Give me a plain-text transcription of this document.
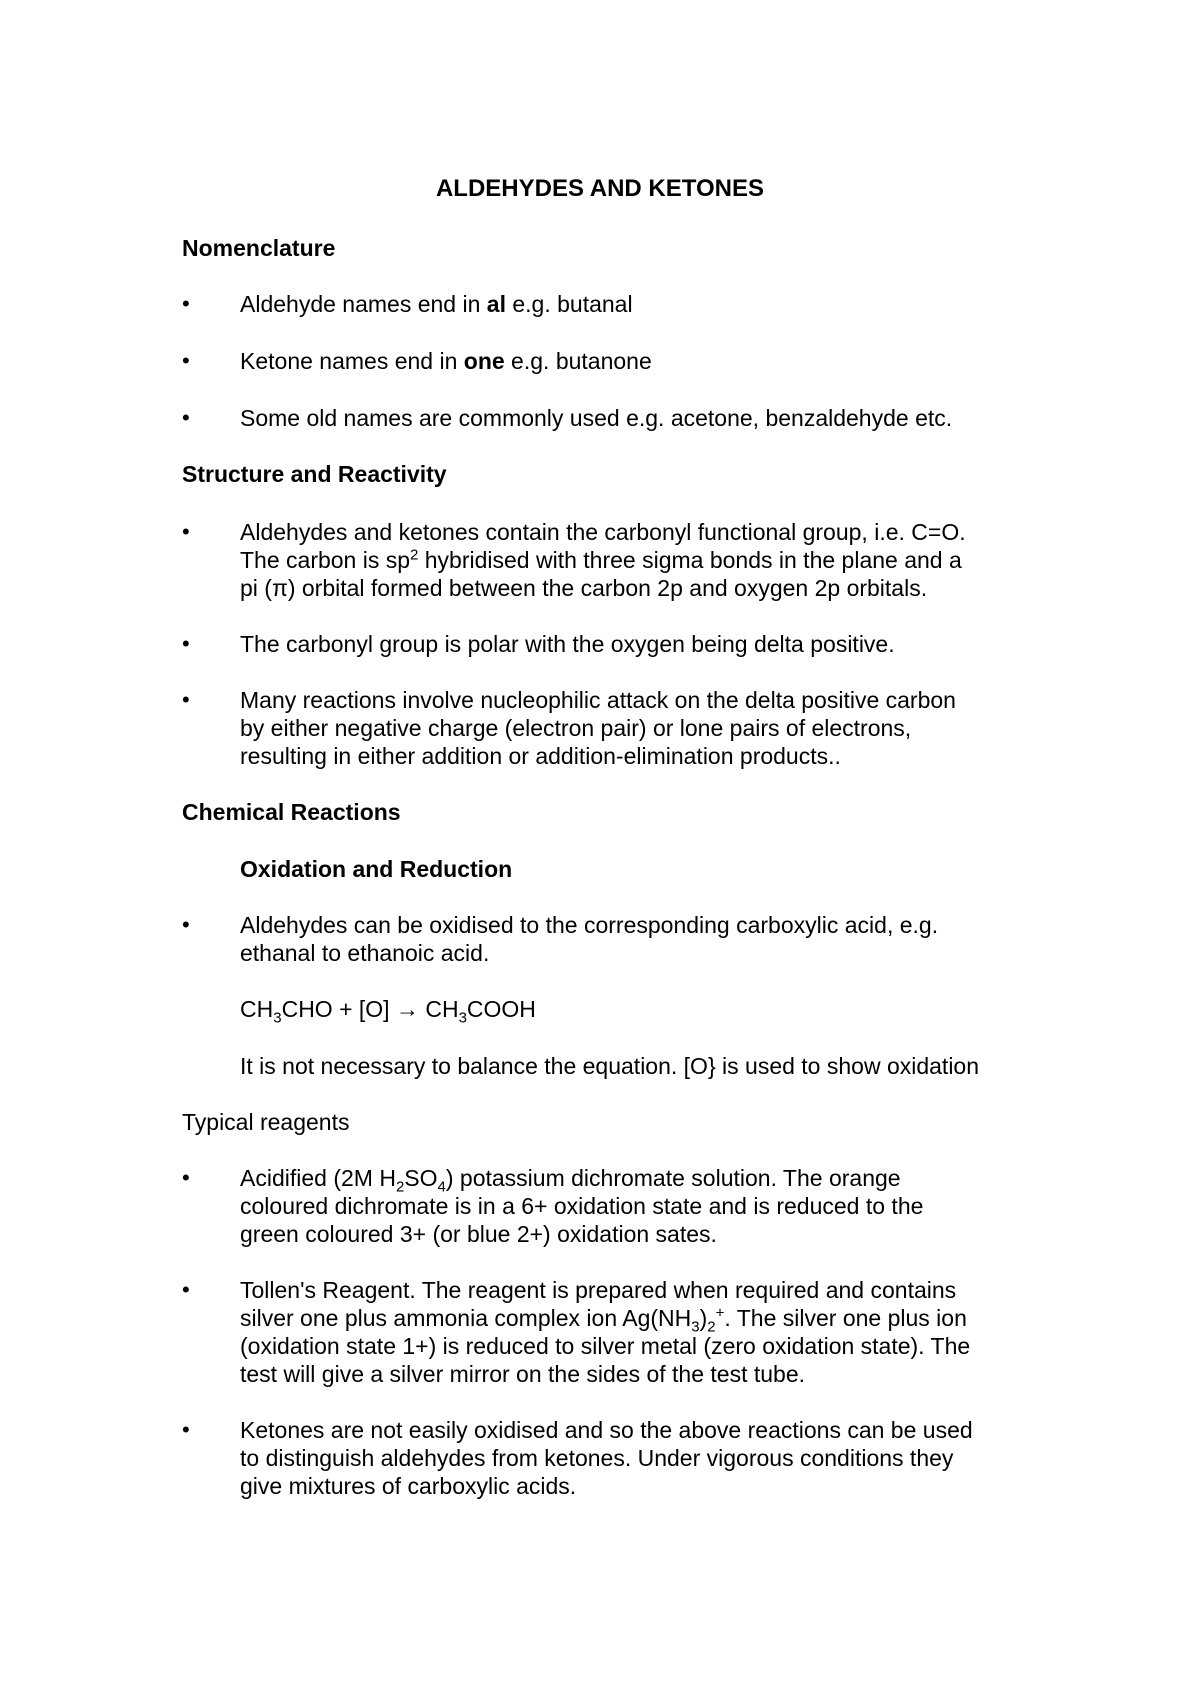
ALDEHYDES AND KETONES
Nomenclature
• Aldehyde names end in al e.g. butanal
• Ketone names end in one e.g. butanone
• Some old names are commonly used e.g. acetone, benzaldehyde etc.
Structure and Reactivity
• Aldehydes and ketones contain the carbonyl functional group, i.e. C=O.
The carbon is $sp^2$ hybridised with three sigma bonds in the plane and a
pi (π) orbital formed between the carbon 2p and oxygen 2p orbitals.
• The carbonyl group is polar with the oxygen being delta positive.
• Many reactions involve nucleophilic attack on the delta positive carbon
by either negative charge (electron pair) or lone pairs of electrons,
resulting in either addition or addition-elimination products..
Chemical Reactions
Oxidation and Reduction
• Aldehydes can be oxidised to the corresponding carboxylic acid, e.g.
ethanal to ethanoic acid.
$CH_3CHO + [O]$ → $CH_3COOH$
It is not necessary to balance the equation. [O} is used to show oxidation
Typical reagents
• Acidified (2M $H_2SO_4$) potassium dichromate solution. The orange
coloured dichromate is in a 6+ oxidation state and is reduced to the
green coloured 3+ (or blue 2+) oxidation sates.
• Tollen's Reagent. The reagent is prepared when required and contains
silver one plus ammonia complex ion $Ag(NH_3)_2^+$. The silver one plus ion
(oxidation state 1+) is reduced to silver metal (zero oxidation state). The
test will give a silver mirror on the sides of the test tube.
• Ketones are not easily oxidised and so the above reactions can be used
to distinguish aldehydes from ketones. Under vigorous conditions they
give mixtures of carboxylic acids.
